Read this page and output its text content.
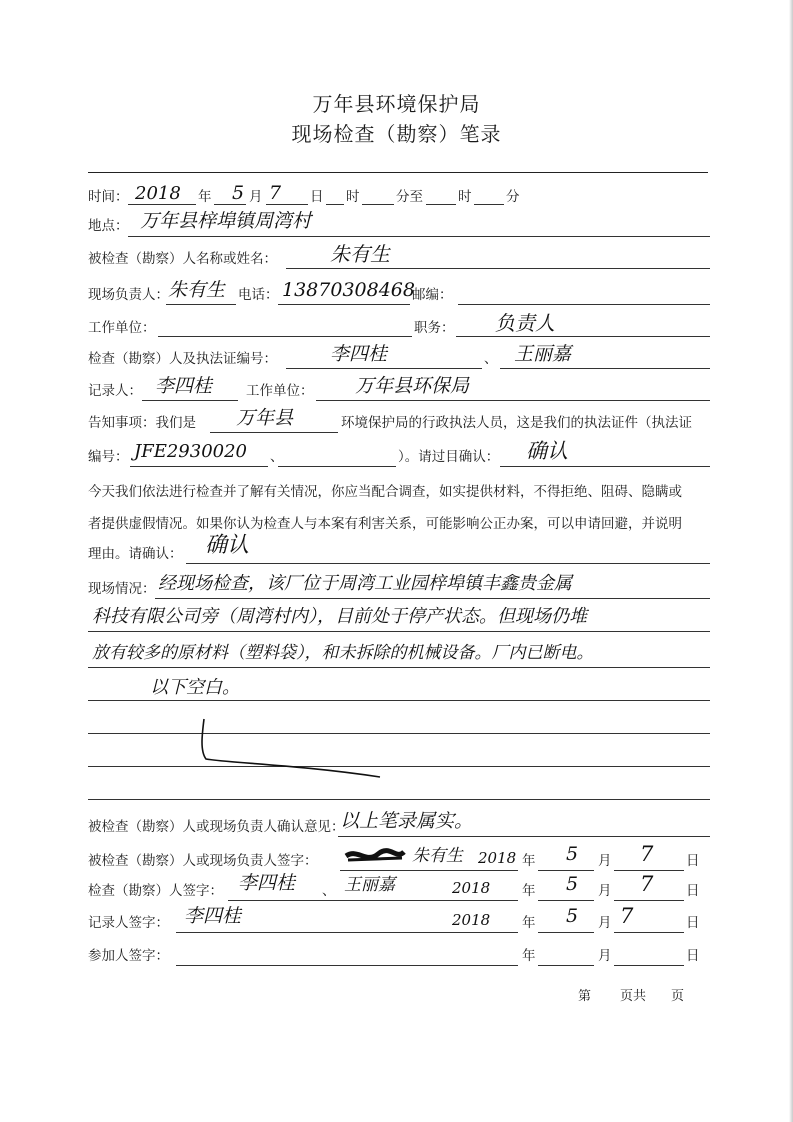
万年县环境保护局
现场检查（勘察）笔录
时间： 2018 年 5 月 7 日 时	分至	时	分
地点： 万年县梓埠镇周湾村
被检查（勘察）人名称或姓名：	朱有生
现场负责人： 朱有生 电话： 13870308468
邮编：
工作单位：	职务： 负责人
检查（勘察）人及执法证编号：	李四桂	、 王丽嘉
记录人： 李四桂	工作单位： 万年县环保局
告知事项：我们是 万年县	环境保护局的行政执法人员，这是我们的执法证件（执法证
编号： JFE2930020 、	）。请过目确认： 确认
今天我们依法进行检查并了解有关情况，你应当配合调查，如实提供材料，不得拒绝、阻碍、隐瞒或
者提供虚假情况。如果你认为检查人与本案有利害关系，可能影响公正办案，可以申请回避，并说明
理由。请确认： 确认
现场情况： 经现场检查，该厂位于周湾工业园梓埠镇丰鑫贵金属
科技有限公司旁（周湾村内），目前处于停产状态。但现场仍堆
放有较多的原材料（塑料袋），和未拆除的机械设备。厂内已断电。
以下空白。
被检查（勘察）人或现场负责人确认意见：
以上笔录属实。
被检查（勘察）人或现场负责人签字：	朱有生 2018 年 5 月 7 日
检查（勘察）人签字： 李四桂 、 王丽嘉	2018 年 5 月 7 日
记录人签字： 李四桂	2018 年 5 月 7	日
参加人签字：	年	月	日
第 页共 页
